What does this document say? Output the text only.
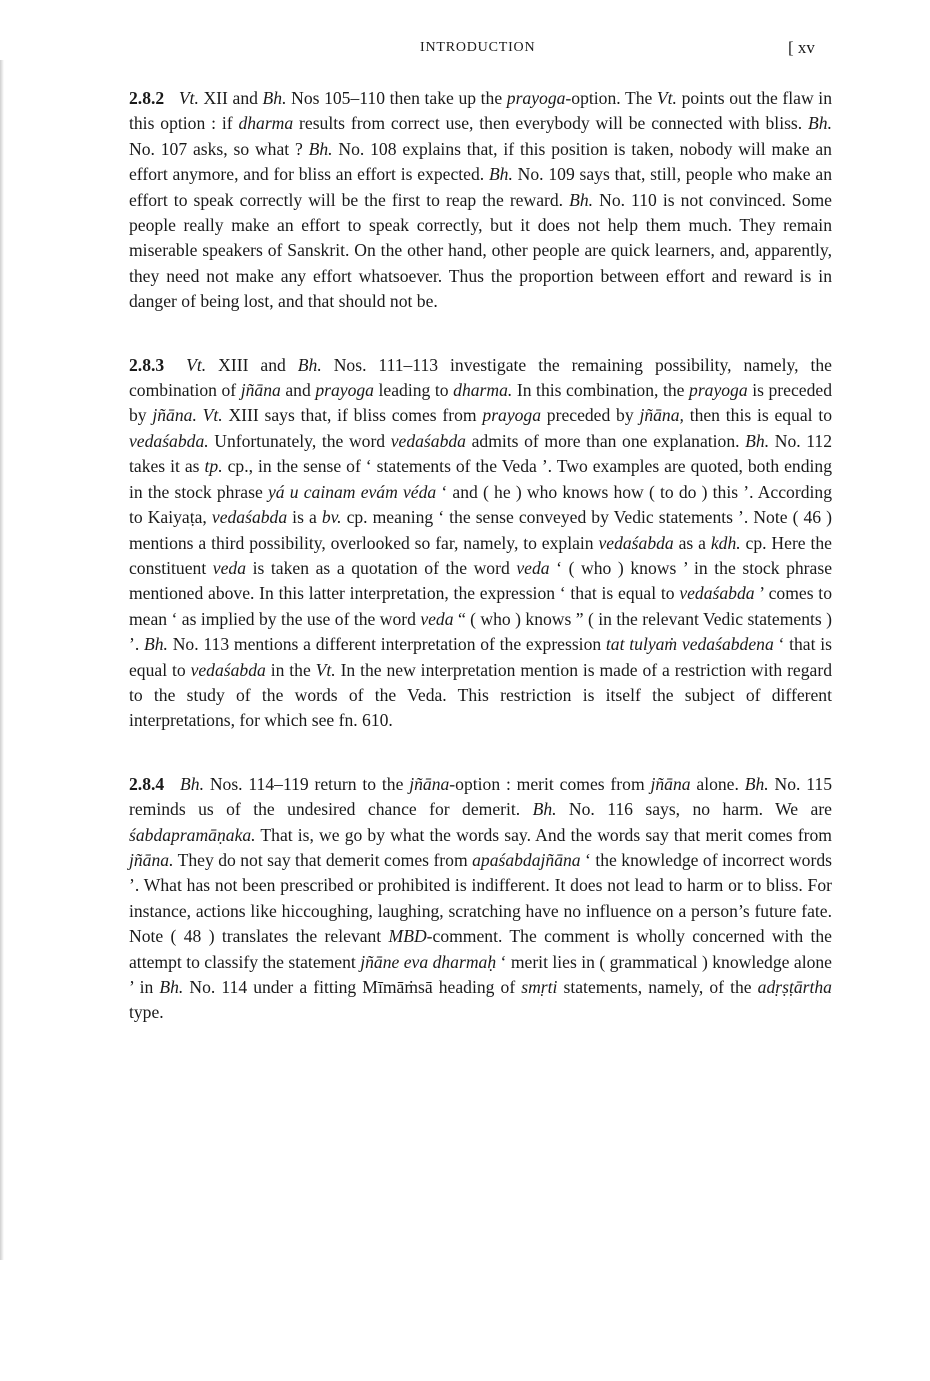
INTRODUCTION	[ xv

2.8.2 Vt. XII and Bh. Nos 105–110 then take up the prayoga-option. The Vt. points out the flaw in this option : if dharma results from correct use, then everybody will be connected with bliss. Bh. No. 107 asks, so what ? Bh. No. 108 explains that, if this position is taken, nobody will make an effort anymore, and for bliss an effort is expected. Bh. No. 109 says that, still, people who make an effort to speak correctly will be the first to reap the reward. Bh. No. 110 is not convinced. Some people really make an effort to speak correctly, but it does not help them much. They remain miserable speakers of Sanskrit. On the other hand, other people are quick learners, and, apparently, they need not make any effort whatsoever. Thus the proportion between effort and reward is in danger of being lost, and that should not be.

2.8.3 Vt. XIII and Bh. Nos. 111–113 investigate the remaining possibility, namely, the combination of jñāna and prayoga leading to dharma. In this combination, the prayoga is preceded by jñāna. Vt. XIII says that, if bliss comes from prayoga preceded by jñāna, then this is equal to vedaśabda. Unfortunately, the word vedaśabda admits of more than one explanation. Bh. No. 112 takes it as tp. cp., in the sense of ‘ statements of the Veda ’. Two examples are quoted, both ending in the stock phrase yá u cainam evám véda ‘ and ( he ) who knows how ( to do ) this ’. According to Kaiyaṭa, vedaśabda is a bv. cp. meaning ‘ the sense conveyed by Vedic statements ’. Note ( 46 ) mentions a third possibility, overlooked so far, namely, to explain vedaśabda as a kdh. cp. Here the constituent veda is taken as a quotation of the word veda ‘ ( who ) knows ’ in the stock phrase mentioned above. In this latter interpretation, the expression ‘ that is equal to vedaśabda ’ comes to mean ‘ as implied by the use of the word veda “ ( who ) knows ” ( in the relevant Vedic statements ) ’. Bh. No. 113 mentions a different interpretation of the expression tat tulyaṁ vedaśabdena ‘ that is equal to vedaśabda in the Vt. In the new interpretation mention is made of a restriction with regard to the study of the words of the Veda. This restriction is itself the subject of different interpretations, for which see fn. 610.

2.8.4 Bh. Nos. 114–119 return to the jñāna-option : merit comes from jñāna alone. Bh. No. 115 reminds us of the undesired chance for demerit. Bh. No. 116 says, no harm. We are śabdapramāṇaka. That is, we go by what the words say. And the words say that merit comes from jñāna. They do not say that demerit comes from apaśabdajñāna ‘ the knowledge of incorrect words ’. What has not been prescribed or prohibited is indifferent. It does not lead to harm or to bliss. For instance, actions like hiccoughing, laughing, scratching have no influence on a person’s future fate. Note ( 48 ) translates the relevant MBD-comment. The comment is wholly concerned with the attempt to classify the statement jñāne eva dharmaḥ ‘ merit lies in ( grammatical ) knowledge alone ’ in Bh. No. 114 under a fitting Mīmāṁsā heading of smṛti statements, namely, of the adṛṣṭārtha type.
